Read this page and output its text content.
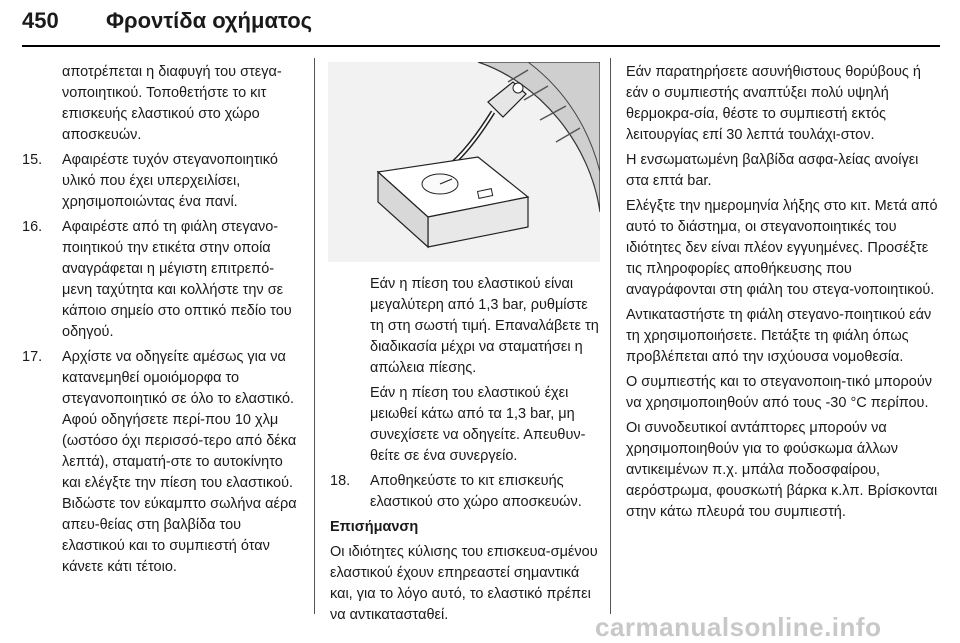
450 Φροντίδα οχήματος

αποτρέπεται η διαφυγή του στεγα-νοποιητικού. Τοποθετήστε το κιτ επισκευής ελαστικού στο χώρο αποσκευών.

15.	Αφαιρέστε τυχόν στεγανοποιητικό υλικό που έχει υπερχειλίσει, χρησιμοποιώντας ένα πανί.
16.	Αφαιρέστε από τη φιάλη στεγανο-ποιητικού την ετικέτα στην οποία αναγράφεται η μέγιστη επιτρεπό-μενη ταχύτητα και κολλήστε την σε κάποιο σημείο στο οπτικό πεδίο του οδηγού.
17.	Αρχίστε να οδηγείτε αμέσως για να κατανεμηθεί ομοιόμορφα το στεγανοποιητικό σε όλο το ελαστικό. Αφού οδηγήσετε περί-που 10 χλμ (ωστόσο όχι περισσό-τερο από δέκα λεπτά), σταματή-στε το αυτοκίνητο και ελέγξτε την πίεση του ελαστικού. Βιδώστε τον εύκαμπτο σωλήνα αέρα απευ-θείας στη βαλβίδα του ελαστικού και το συμπιεστή όταν κάνετε κάτι τέτοιο.

Εάν η πίεση του ελαστικού είναι μεγαλύτερη από 1,3 bar, ρυθμίστε τη στη σωστή τιμή. Επαναλάβετε τη διαδικασία μέχρι να σταματήσει η απώλεια πίεσης.

Εάν η πίεση του ελαστικού έχει μειωθεί κάτω από τα 1,3 bar, μη συνεχίσετε να οδηγείτε. Απευθυν-θείτε σε ένα συνεργείο.

18.	Αποθηκεύστε το κιτ επισκευής ελαστικού στο χώρο αποσκευών.

Επισήμανση

Οι ιδιότητες κύλισης του επισκευα-σμένου ελαστικού έχουν επηρεαστεί σημαντικά και, για το λόγο αυτό, το ελαστικό πρέπει να αντικατασταθεί.

Εάν παρατηρήσετε ασυνήθιστους θορύβους ή εάν ο συμπιεστής αναπτύξει πολύ υψηλή θερμοκρα-σία, θέστε το συμπιεστή εκτός λειτουργίας επί 30 λεπτά τουλάχι-στον.

Η ενσωματωμένη βαλβίδα ασφα-λείας ανοίγει στα επτά bar.

Ελέγξτε την ημερομηνία λήξης στο κιτ. Μετά από αυτό το διάστημα, οι στεγανοποιητικές του ιδιότητες δεν είναι πλέον εγγυημένες. Προσέξτε τις πληροφορίες αποθήκευσης που αναγράφονται στη φιάλη του στεγα-νοποιητικού.

Αντικαταστήστε τη φιάλη στεγανο-ποιητικού εάν τη χρησιμοποιήσετε. Πετάξτε τη φιάλη όπως προβλέπεται από την ισχύουσα νομοθεσία.

Ο συμπιεστής και το στεγανοποιη-τικό μπορούν να χρησιμοποιηθούν από τους -30 °C περίπου.

Οι συνοδευτικοί αντάπτορες μπορούν να χρησιμοποιηθούν για το φούσκωμα άλλων αντικειμένων π.χ. μπάλα ποδοσφαίρου, αερόστρωμα, φουσκωτή βάρκα κ.λπ. Βρίσκονται στην κάτω πλευρά του συμπιεστή.

carmanualsonline.info
